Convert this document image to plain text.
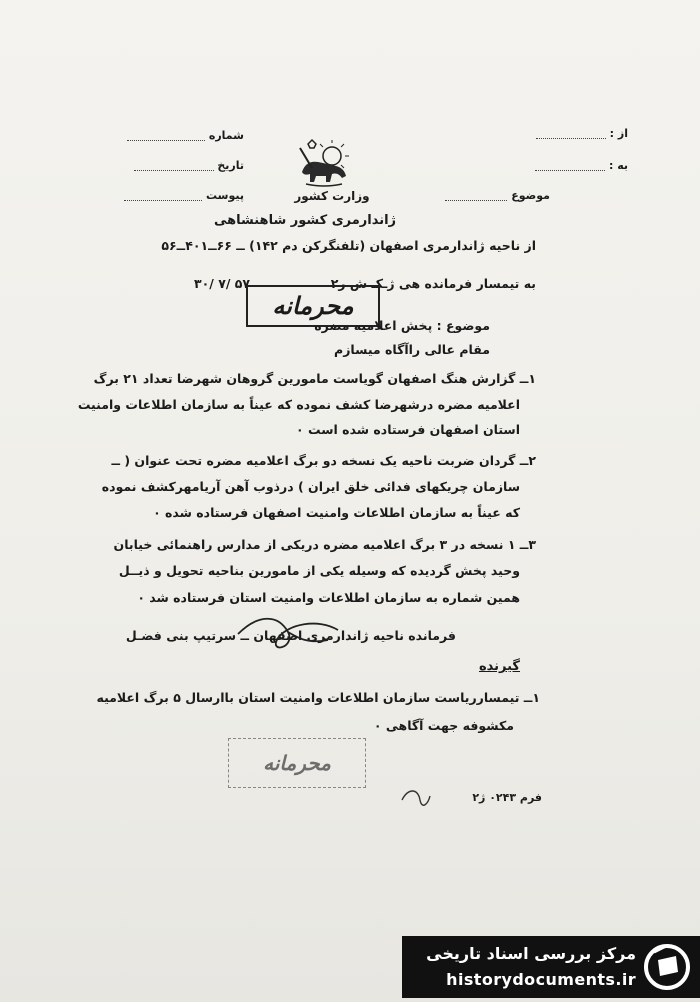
از :
به :
موضوع
شماره
تاریخ
پیوست	وزارت کشور
ژاندارمری کشور شاهنشاهی
از ناحیه ژاندارمری اصفهان (تلفنگرکن دم ۱۴۲) ــ ۶۶ــ۴۰۱ــ۵۶
به تیمسار فرمانده هی ژـکـ ش ر۲
۳۰/ ۷/ ۵۷
محرمانه
موضوع : پخش اعلامیه مضره
مقام عالی راآگاه میسازم
۱ــ گزارش هنگ اصفهان گویاست مامورین گروهان شهرضا تعداد ۲۱ برگ
اعلامیه مضره درشهرضا کشف نموده که عیناً به سازمان اطلاعات وامنیت
استان اصفهان فرستاده شده است ۰
۲ــ گردان ضربت ناحیه یک نسخه دو برگ اعلامیه مضره تحت عنوان ( ــ
سازمان چریکهای فدائی خلق ایران ) درذوب آهن آریامهرکشف نموده
که عیناً به سازمان اطلاعات وامنیت اصفهان فرستاده شده ۰
۳ــ ۱ نسخه در ۳ برگ اعلامیه مضره دریکی از مدارس راهنمائی خیابان
وحید پخش گردیده که وسیله یکی از مامورین بناحیه تحویل و ذیــل
همین شماره به سازمان اطلاعات وامنیت استان فرستاده شد ۰
فرمانده ناحیه ژاندارمری اصفهان ــ سرتیپ بنی فضـل
گیرنده
۱ــ تیمسارریاست سازمان اطلاعات وامنیت استان باارسال ۵ برگ اعلامیه
مکشوفه جهت آگاهی ۰
محرمانه
فرم ۰۲۴۳ ژ۲
مرکز بررسی اسناد تاریخی
historydocuments.ir
